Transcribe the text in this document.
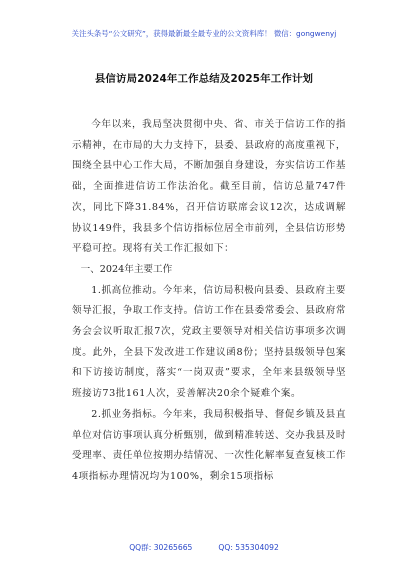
关注头条号“公文研究”，获得最新最全最专业的公文资料库！ 微信：gongwenyj
县信访局2024年工作总结及2025年工作计划

今年以来，我局坚决贯彻中央、省、市关于信访工作的指示精神，在市局的大力支持下，县委、县政府的高度重视下，围绕全县中心工作大局，不断加强自身建设，夯实信访工作基础，全面推进信访工作法治化。截至目前，信访总量747件次，同比下降31.84%，召开信访联席会议12次，达成调解协议149件，我县多个信访指标位居全市前列，全县信访形势平稳可控。现将有关工作汇报如下：

一、2024年主要工作

1.抓高位推动。今年来，信访局积极向县委、县政府主要领导汇报，争取工作支持。信访工作在县委常委会、县政府常务会会议听取汇报7次，党政主要领导对相关信访事项多次调度。此外，全县下发改进工作建议函8份；坚持县级领导包案和下访接访制度，落实“一岗双责”要求，全年来县级领导坚班接访73批161人次，妥善解决20余个疑难个案。

2.抓业务指标。今年来，我局积极指导、督促乡镇及县直单位对信访事项认真分析甄别，做到精准转送、交办我县及时受理率、责任单位按期办结情况、一次性化解率复查复核工作4项指标办理情况均为100%，剩余15项指标

QQ群: 30265665	QQ: 535304092
